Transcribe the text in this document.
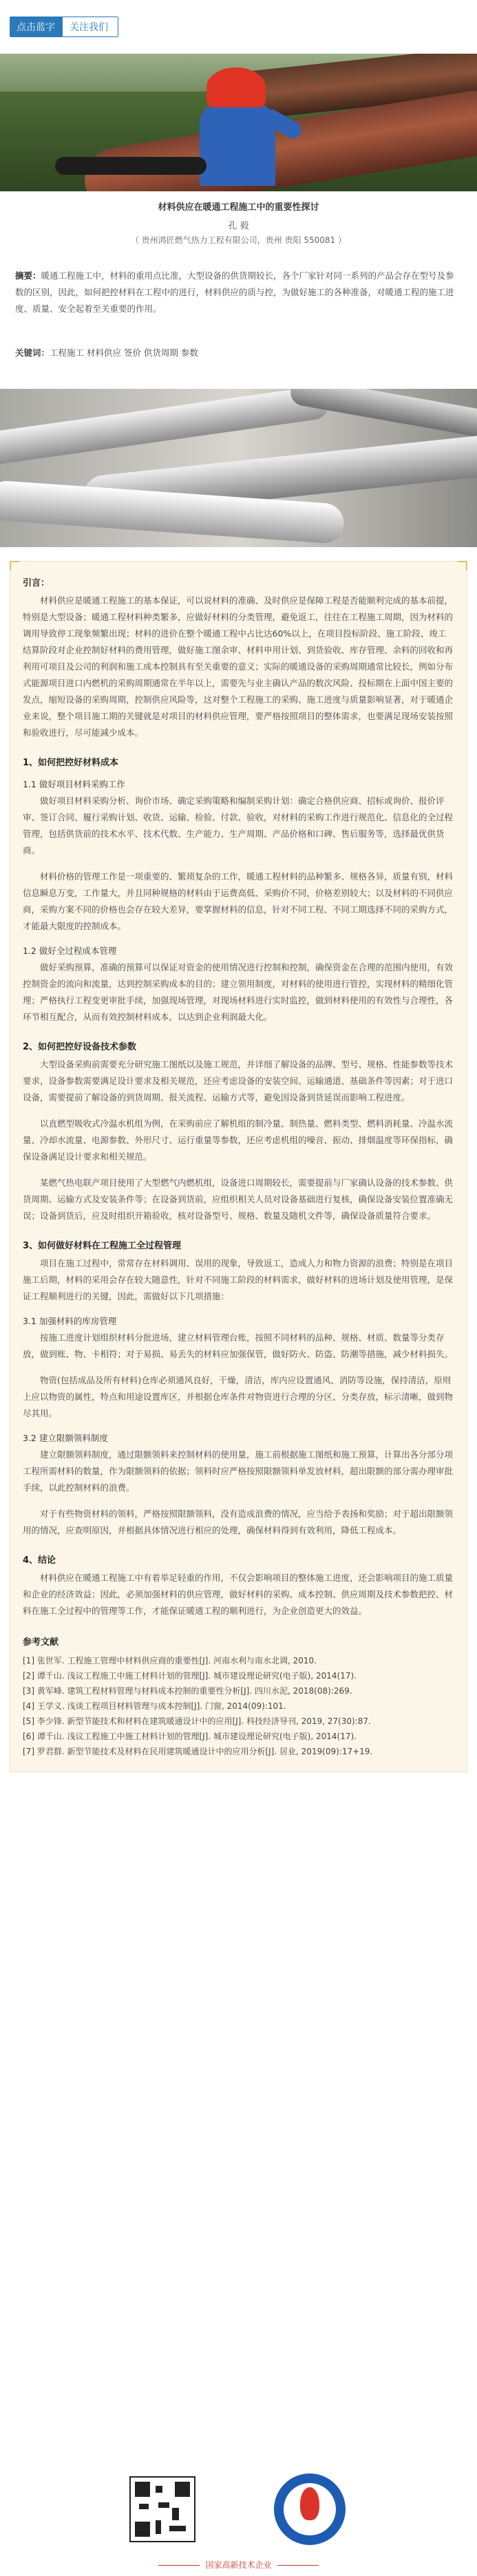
点击蓝字	关注我们
材料供应在暖通工程施工中的重要性探讨
孔 毅
（ 贵州鸿匠燃气热力工程有限公司，贵州 贵阳 550081 ）
摘要：暖通工程施工中，材料的重用点比准，大型设备的供货期较长，各个厂家针对同一系列的产品会存在型号及参数的区别，因此，如何把控材料在工程中的进行，材料供应的质与控，为做好施工的各种准备，对暖通工程的施工进度、质量、安全起着至关重要的作用。
关键词：工程施工 材料供应 签价 供货周期 参数
引言：

材料供应是暖通工程施工的基本保证，可以说材料的准确、及时供应是保障工程是否能顺利完成的基本前提，特别是大型设备；暖通工程材料种类繁多，应做好材料的分类管理，避免返工，往往在工程施工周期，因为材料的调用导致停工现象频繁出现；材料的进价在整个暖通工程中占比达60%以上，在项目投标阶段、施工阶段、竣工结算阶段对企业控制好材料的费用管理，做好施工图余审、材料申用计划、到货验收、库存管理、余料的回收和再利用可项目及公司的利润和施工成本控制具有至关重要的意义；实际的暖通设备的采购周期通常比较长，例如分布式能源项目进口内燃机的采购周期通常在半年以上，需要先与业主确认产品的数次风险、投标期在上面中国主要的发点，缩短设备的采购周期，控制供应风险等，这对整个工程施工的采购、施工进度与质量影响显著，对于暖通企业来说，整个项目施工期的关键就是对项目的材料供应管理，要严格按照项目的整体需求，也要满足现场安装按照和验收进行，尽可能减少成本。

1、如何把控好材料成本
1.1 做好项目材料采购工作

做好项目材料采购分析、询价市场、确定采购策略和编制采购计划：确定合格供应商、招标或询价、报价评审、签订合同、履行采购计划、收货、运输、检验、付款、验收，对材料的采购工作进行规范化、信息化的全过程管理，包括供货前的技术水平、技术代数、生产能力、生产周期、产品价格和口碑、售后服务等，选择最优供货商。

材料价格的管理工作是一项重要的、繁琐复杂的工作，暖通工程材料的品种繁多、规格各异，质量有别，材料信息瞬息万变，工作量大，并且同种规格的材料由于运费高低、采购价不同，价格差别较大；以及材料的不同供应商，采购方案不同的价格也会存在较大差异，要掌握材料的信息，针对不同工程、不同工期选择不同的采购方式，才能最大限度的控制成本。

1.2 做好全过程成本管理

做好采购预算，准确的预算可以保证对资金的使用情况进行控制和控制，确保资金在合理的范围内使用，有效控制资金的流向和流量，达到控制采购成本的目的；建立领用制度，对材料的使用进行管控，实现材料的精细化管理；严格执行工程变更审批手续，加强现场管理，对现场材料进行实时监控，做到材料使用的有效性与合理性，各环节相互配合，从而有效控制材料成本，以达到企业利润最大化。

2、如何把控好设备技术参数

大型设备采购前需要充分研究施工图纸以及施工规范，并详细了解设备的品牌、型号、规格、性能参数等技术要求，设备参数需要满足设计要求及相关规范，还应考虑设备的安装空间、运输通道、基础条件等因素；对于进口设备，需要提前了解设备的到货周期、报关流程、运输方式等，避免因设备到货延误而影响工程进度。

以直燃型吸收式冷温水机组为例，在采购前应了解机组的制冷量、制热量、燃料类型、燃料消耗量、冷温水流量、冷却水流量、电源参数、外形尺寸、运行重量等参数，还应考虑机组的噪音、振动、排烟温度等环保指标，确保设备满足设计要求和相关规范。

某燃气热电联产项目使用了大型燃气内燃机组，设备进口周期较长，需要提前与厂家确认设备的技术参数、供货周期、运输方式及安装条件等；在设备到货前，应组织相关人员对设备基础进行复核，确保设备安装位置准确无误；设备到货后，应及时组织开箱验收，核对设备型号、规格、数量及随机文件等，确保设备质量符合要求。

3、如何做好材料在工程施工全过程管理

项目在施工过程中，常常存在材料调用、误用的现象，导致返工，造成人力和物力资源的浪费；特别是在项目施工后期，材料的采用会存在较大随意性，针对不同施工阶段的材料需求，做好材料的进场计划及使用管理，是保证工程顺利进行的关键，因此，需做好以下几项措施：

3.1 加强材料的库房管理

按施工进度计划组织材料分批进场，建立材料管理台账，按照不同材料的品种、规格、材质、数量等分类存放，做到账、物、卡相符；对于易损、易丢失的材料应加强保管，做好防火、防盗、防潮等措施，减少材料损失。

物资(包括成品及所有材料)仓库必须通风良好，干燥，清洁，库内应设置通风、消防等设施，保持清洁，原则上应以物资的属性，特点和用途设置库区，并根据仓库条件对物资进行合理的分区、分类存放，标示清晰，做到物尽其用。

3.2 建立限额领料制度

建立限额领料制度，通过限额领料来控制材料的使用量，施工前根据施工图纸和施工预算，计算出各分部分项工程所需材料的数量，作为限额领料的依据；领料时应严格按照限额领料单发放材料，超出限额的部分需办理审批手续，以此控制材料的浪费。

对于有些物资材料的领料，严格按照限额领料，没有造成浪费的情况，应当给予表扬和奖励；对于超出限额领用的情况，应查明原因，并根据具体情况进行相应的处理，确保材料得到有效利用，降低工程成本。

4、结论

材料供应在暖通工程施工中有着举足轻重的作用，不仅会影响项目的整体施工进度，还会影响项目的施工质量和企业的经济效益；因此，必须加强材料的供应管理，做好材料的采购、成本控制、供应周期及技术参数把控、材料在施工全过程中的管理等工作，才能保证暖通工程的顺利进行，为企业创造更大的效益。

参考文献
[1] 张世军. 工程施工管理中材料供应商的重要性[J]. 河南水利与南水北调, 2010.
[2] 谭千山. 浅议工程施工中施工材料计划的管理[J]. 城市建设理论研究(电子版), 2014(17).
[3] 黄军峰. 建筑工程材料管理与材料成本控制的重要性分析[J]. 四川水泥, 2018(08):269.
[4] 王学义. 浅谈工程项目材料管理与成本控制[J]. 门窗, 2014(09):101.
[5] 李少锋. 新型节能技术和材料在建筑暖通设计中的应用[J]. 科技经济导刊, 2019, 27(30):87.
[6] 谭千山. 浅议工程施工中施工材料计划的管理[J]. 城市建设理论研究(电子版), 2014(17).
[7] 罗君群. 新型节能技术及材料在民用建筑暖通设计中的应用分析[J]. 居业, 2019(09):17+19.
国家高新技术企业
